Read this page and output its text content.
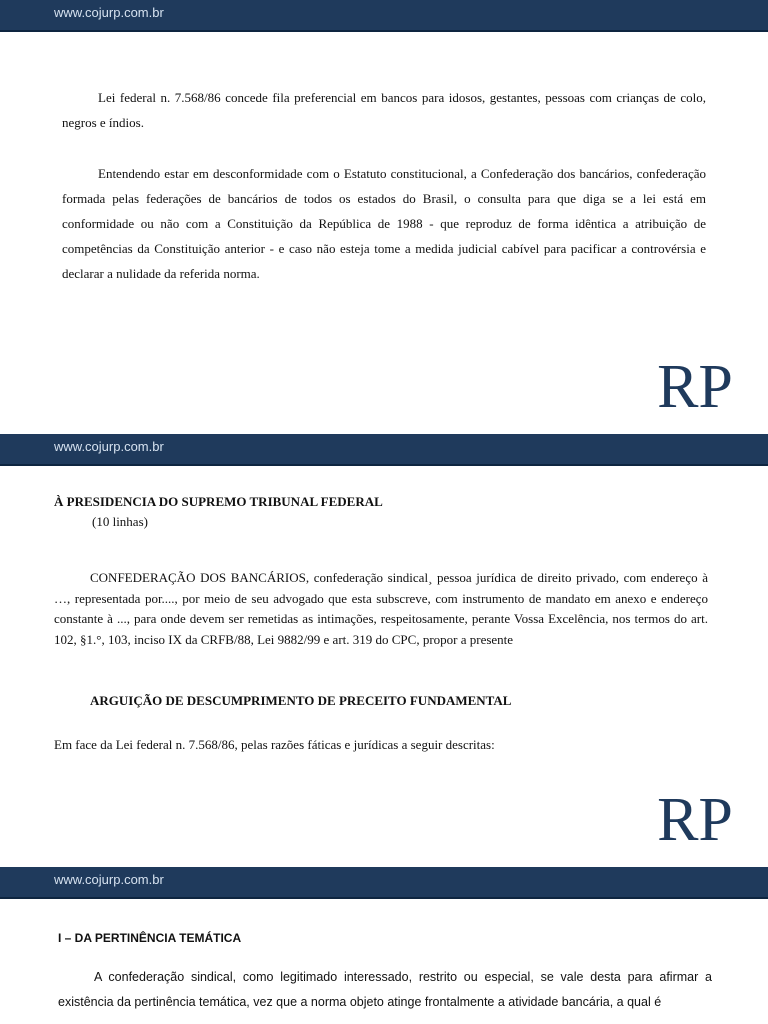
www.cojurp.com.br

Lei federal n. 7.568/86 concede fila preferencial em bancos para idosos, gestantes, pessoas com crianças de colo, negros e índios.

Entendendo estar em desconformidade com o Estatuto constitucional, a Confederação dos bancários, confederação formada pelas federações de bancários de todos os estados do Brasil, o consulta para que diga se a lei está em conformidade ou não com a Constituição da República de 1988 - que reproduz de forma idêntica a atribuição de competências da Constituição anterior - e caso não esteja tome a medida judicial cabível para pacificar a controvérsia e declarar a nulidade da referida norma.

RP
www.cojurp.com.br

À PRESIDENCIA DO SUPREMO TRIBUNAL FEDERAL

(10 linhas)

CONFEDERAÇÃO DOS BANCÁRIOS, confederação sindical¸ pessoa jurídica de direito privado, com endereço à …, representada por...., por meio de seu advogado que esta subscreve, com instrumento de mandato em anexo e endereço constante à ..., para onde devem ser remetidas as intimações, respeitosamente, perante Vossa Excelência, nos termos do art. 102, §1.°, 103, inciso IX da CRFB/88, Lei 9882/99 e art. 319 do CPC, propor a presente

ARGUIÇÃO DE DESCUMPRIMENTO DE PRECEITO FUNDAMENTAL

Em face da Lei federal n. 7.568/86, pelas razões fáticas e jurídicas a seguir descritas:

RP
www.cojurp.com.br

I – DA PERTINÊNCIA TEMÁTICA

A confederação sindical, como legitimado interessado, restrito ou especial, se vale desta para afirmar a existência da pertinência temática, vez que a norma objeto atinge frontalmente a atividade bancária, a qual é
